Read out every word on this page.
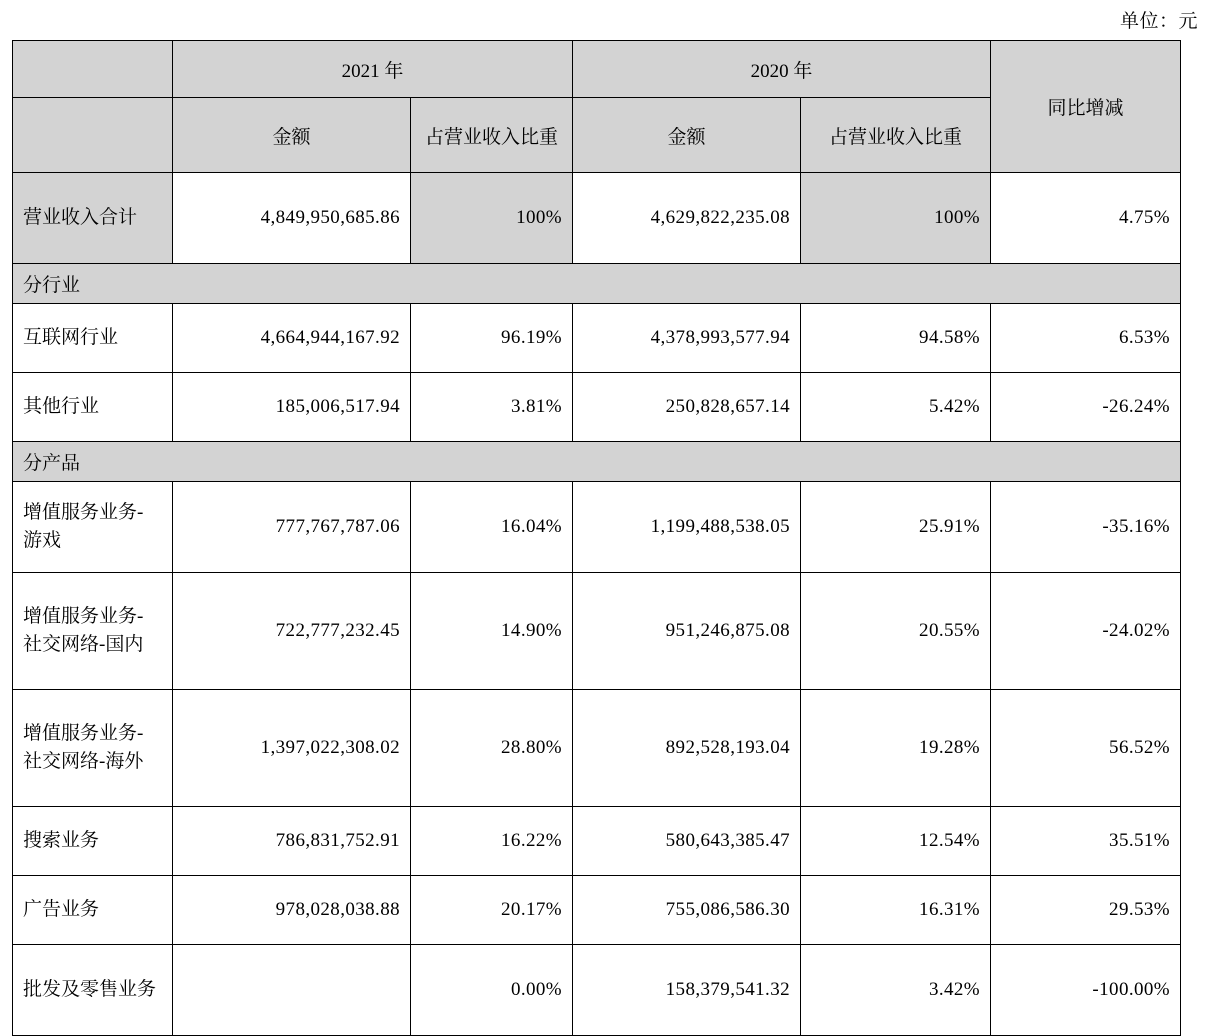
单位：元
	2021 年		2020 年		同比增减
	金额	占营业收入比重	金额	占营业收入比重	
营业收入合计	4,849,950,685.86	100%	4,629,822,235.08	100%	4.75%
分行业					
互联网行业	4,664,944,167.92	96.19%	4,378,993,577.94	94.58%	6.53%
其他行业	185,006,517.94	3.81%	250,828,657.14	5.42%	-26.24%
分产品					
增值服务业务-游戏	777,767,787.06	16.04%	1,199,488,538.05	25.91%	-35.16%
增值服务业务-社交网络-国内	722,777,232.45	14.90%	951,246,875.08	20.55%	-24.02%
增值服务业务-社交网络-海外	1,397,022,308.02	28.80%	892,528,193.04	19.28%	56.52%
搜索业务	786,831,752.91	16.22%	580,643,385.47	12.54%	35.51%
广告业务	978,028,038.88	20.17%	755,086,586.30	16.31%	29.53%
批发及零售业务		0.00%	158,379,541.32	3.42%	-100.00%
